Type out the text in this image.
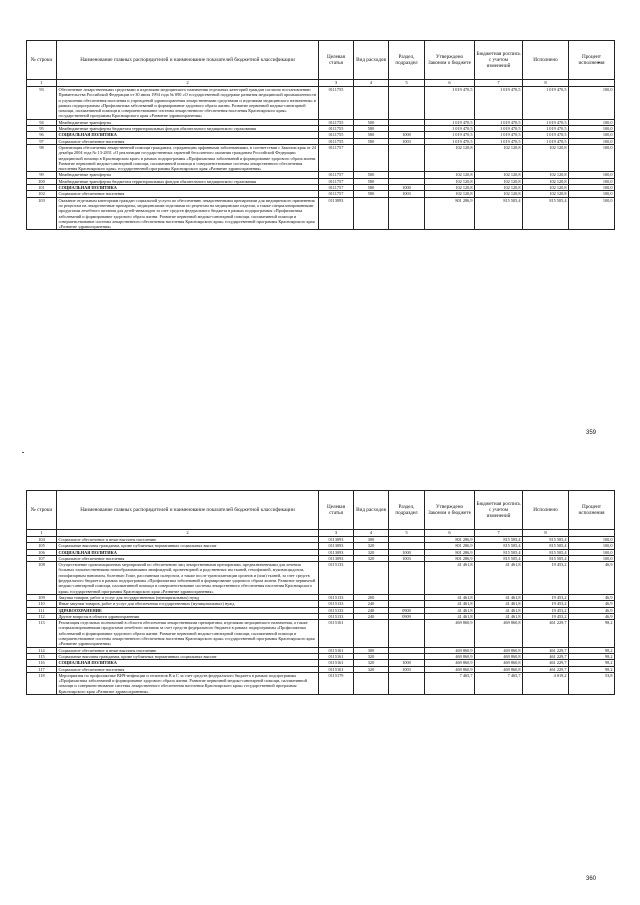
№ строки	Наименование главных распорядителей и наименование показателей бюджетной классификации	Целевая статья	Вид расходов	Раздел, подраздел	Утверждено Законом о бюджете	Бюджетная роспись с учетом изменений	Исполнено	Процент исполнения
1	2	3	4	5	6	7	8	
93	Обеспечение лекарственными средствами и изделиями медицинского назначения отдельных категорий граждан согласно постановлению Правительства Российской Федерации от 30 июля 1994 года № 890 «О государственной поддержке развития медицинской промышленности и улучшении обеспечения населения и учреждений здравоохранения лекарственными средствами и изделиями медицинского назначения» в рамках подпрограммы «Профилактика заболеваний и формирование здорового образа жизни. Развитие первичной медико-санитарной помощи, паллиативной помощи и совершенствование системы лекарственного обеспечения населения Красноярского края» государственной программы Красноярского края «Развитие здравоохранения»	0111755			1 019 470,5	1 019 470,5	1 019 470,5	100,0
94	Межбюджетные трансферты	0111755	500		1 019 470,5	1 019 470,5	1 019 470,5	100,0
95	Межбюджетные трансферты бюджетам территориальных фондов обязательного медицинского страхования	0111755	580		1 019 470,5	1 019 470,5	1 019 470,5	100,0
96	СОЦИАЛЬНАЯ ПОЛИТИКА	0111755	580	1000	1 019 470,5	1 019 470,5	1 019 470,5	100,0
97	Социальное обеспечение населения	0111755	580	1003	1 019 470,5	1 019 470,5	1 019 470,5	100,0
98	Организация обеспечения лекарственной помощи гражданам, страдающим орфанными заболеваниями, в соответствии с Законом края от 24 декабря 2004 года № 13-2831 «О реализации государственных гарантий бесплатного оказания гражданам Российской Федерации медицинской помощи в Красноярском крае» в рамках подпрограммы «Профилактика заболеваний и формирование здорового образа жизни. Развитие первичной медико-санитарной помощи, паллиативной помощи и совершенствование системы лекарственного обеспечения населения Красноярского края» государственной программы Красноярского края «Развитие здравоохранения»	0111757			102 120,8	102 120,8	102 120,8	100,0
99	Межбюджетные трансферты	0111757	500		102 120,8	102 120,8	102 120,8	100,0
100	Межбюджетные трансферты бюджетам территориальных фондов обязательного медицинского страхования	0111757	580		102 120,8	102 120,8	102 120,8	100,0
101	СОЦИАЛЬНАЯ ПОЛИТИКА	0111757	580	1000	102 120,8	102 120,8	102 120,8	100,0
102	Социальное обеспечение населения	0111757	580	1003	102 120,8	102 120,8	102 120,8	100,0
103	Оказание отдельным категориям граждан социальной услуги по обеспечению лекарственными препаратами для медицинского применения по рецептам на лекарственные препараты, медицинскими изделиями по рецептам на медицинские изделия, а также специализированными продуктами лечебного питания для детей-инвалидов за счет средств федерального бюджета в рамках подпрограммы «Профилактика заболеваний и формирование здорового образа жизни. Развитие первичной медико-санитарной помощи, паллиативной помощи и совершенствование системы лекарственного обеспечения населения Красноярского края» государственной программы Красноярского края «Развитие здравоохранения»	0113093			801 286,9	815 505,4	815 505,4	100,0
359
№ строки	Наименование главных распорядителей и наименование показателей бюджетной классификации	Целевая статья	Вид расходов	Раздел, подраздел	Утверждено Законом о бюджете	Бюджетная роспись с учетом изменений	Исполнено	Процент исполнения
1	2	3	4	5	6	7	8	
104	Социальное обеспечение и иные выплаты населению	0113093	300		801 286,9	815 505,4	815 505,4	100,0
105	Социальные выплаты гражданам, кроме публичных нормативных социальных выплат	0113093	320		801 286,9	815 505,4	815 505,4	100,0
106	СОЦИАЛЬНАЯ ПОЛИТИКА	0113093	320	1000	801 286,9	815 505,4	815 505,4	100,0
107	Социальное обеспечение населения	0113093	320	1003	801 286,9	815 505,4	815 505,4	100,0
108	Осуществление организационных мероприятий по обеспечению лиц лекарственными препаратами, предназначенными для лечения больных злокачественными новообразованиями лимфоидной, кроветворной и родственных им тканей, гемофилией, муковисцидозом, гипофизарным нанизмом, болезнью Гоше, рассеянным склерозом, а также после трансплантации органов и (или) тканей, за счет средств федерального бюджета в рамках подпрограммы «Профилактика заболеваний и формирование здорового образа жизни. Развитие первичной медико-санитарной помощи, паллиативной помощи и совершенствование системы лекарственного обеспечения населения Красноярского края» государственной программы Красноярского края «Развитие здравоохранения»	0115133			41 461,8	41 461,8	19 453,2	46,9
109	Закупка товаров, работ и услуг для государственных (муниципальных) нужд	0115133	200		41 461,8	41 461,8	19 453,2	46,9
110	Иные закупки товаров, работ и услуг для обеспечения государственных (муниципальных) нужд	0115133	240		41 461,8	41 461,8	19 453,2	46,9
111	ЗДРАВООХРАНЕНИЕ	0115133	240	0900	41 461,8	41 461,8	19 453,2	46,9
112	Другие вопросы в области здравоохранения	0115133	240	0909	41 461,8	41 461,8	19 453,2	46,9
113	Реализация отдельных полномочий в области обеспечения лекарственными препаратами, изделиями медицинского назначения, а также специализированными продуктами лечебного питания за счет средств федерального бюджета в рамках подпрограммы «Профилактика заболеваний и формирование здорового образа жизни. Развитие первичной медико-санитарной помощи, паллиативной помощи и совершенствование системы лекарственного обеспечения населения Красноярского края» государственной программы Красноярского края «Развитие здравоохранения»	0115161			469 860,9	469 860,8	461 229,7	98,2
114	Социальное обеспечение и иные выплаты населению	0115161	300		469 860,9	469 860,8	461 229,7	98,2
115	Социальные выплаты гражданам, кроме публичных нормативных социальных выплат	0115161	320		469 860,9	469 860,8	461 229,7	98,2
116	СОЦИАЛЬНАЯ ПОЛИТИКА	0115161	320	1000	469 860,9	469 860,8	461 229,7	98,2
117	Социальное обеспечение населения	0115161	320	1003	469 860,9	469 860,8	461 229,7	98,2
118	Мероприятия по профилактике ВИЧ-инфекции и гепатитов В и С за счет средств федерального бюджета в рамках подпрограммы «Профилактика заболеваний и формирование здорового образа жизни. Развитие первичной медико-санитарной помощи, паллиативной помощи и совершенствование системы лекарственного обеспечения населения Красноярского края» государственной программы Красноярского края «Развитие здравоохранения»	0115179			7 465,7	7 465,7	4 019,2	53,8
360
